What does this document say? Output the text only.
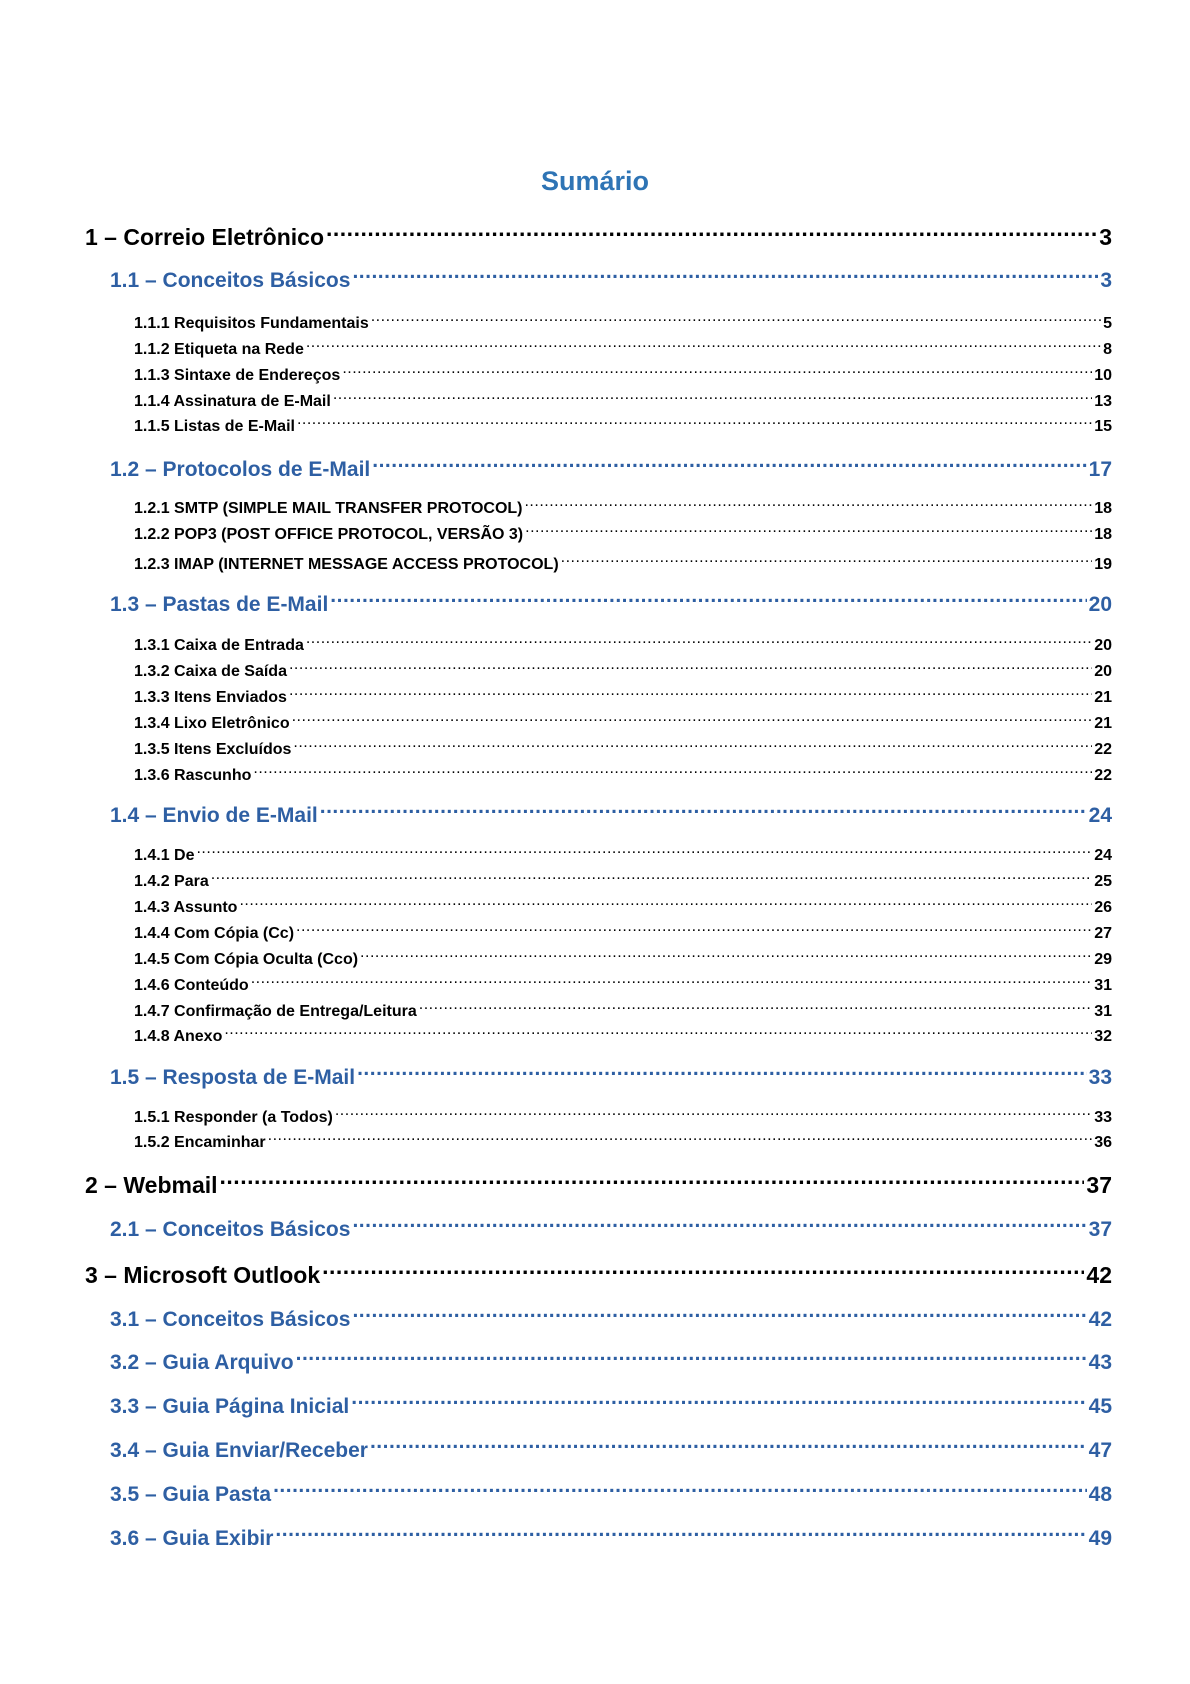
Sumário
1 – Correio Eletrônico .....	3
1.1 – Conceitos Básicos .....	3
1.1.1 Requisitos Fundamentais .....	5
1.1.2 Etiqueta na Rede .....	8
1.1.3 Sintaxe de Endereços .....	10
1.1.4 Assinatura de E-Mail .....	13
1.1.5 Listas de E-Mail .....	15
1.2 – Protocolos de E-Mail .....	17
1.2.1 SMTP (SIMPLE MAIL TRANSFER PROTOCOL) .....	18
1.2.2 POP3 (POST OFFICE PROTOCOL, VERSÃO 3) .....	18
1.2.3 IMAP (INTERNET MESSAGE ACCESS PROTOCOL) .....	19
1.3 – Pastas de E-Mail .....	20
1.3.1 Caixa de Entrada .....	20
1.3.2 Caixa de Saída .....	20
1.3.3 Itens Enviados .....	21
1.3.4 Lixo Eletrônico .....	21
1.3.5 Itens Excluídos .....	22
1.3.6 Rascunho .....	22
1.4 – Envio de E-Mail .....	24
1.4.1 De .....	24
1.4.2 Para .....	25
1.4.3 Assunto .....	26
1.4.4 Com Cópia (Cc) .....	27
1.4.5 Com Cópia Oculta (Cco) .....	29
1.4.6 Conteúdo .....	31
1.4.7 Confirmação de Entrega/Leitura .....	31
1.4.8 Anexo .....	32
1.5 – Resposta de E-Mail .....	33
1.5.1 Responder (a Todos) .....	33
1.5.2 Encaminhar .....	36
2 – Webmail .....	37
2.1 – Conceitos Básicos .....	37
3 – Microsoft Outlook .....	42
3.1 – Conceitos Básicos .....	42
3.2 – Guia Arquivo .....	43
3.3 – Guia Página Inicial .....	45
3.4 – Guia Enviar/Receber .....	47
3.5 – Guia Pasta .....	48
3.6 – Guia Exibir .....	49
